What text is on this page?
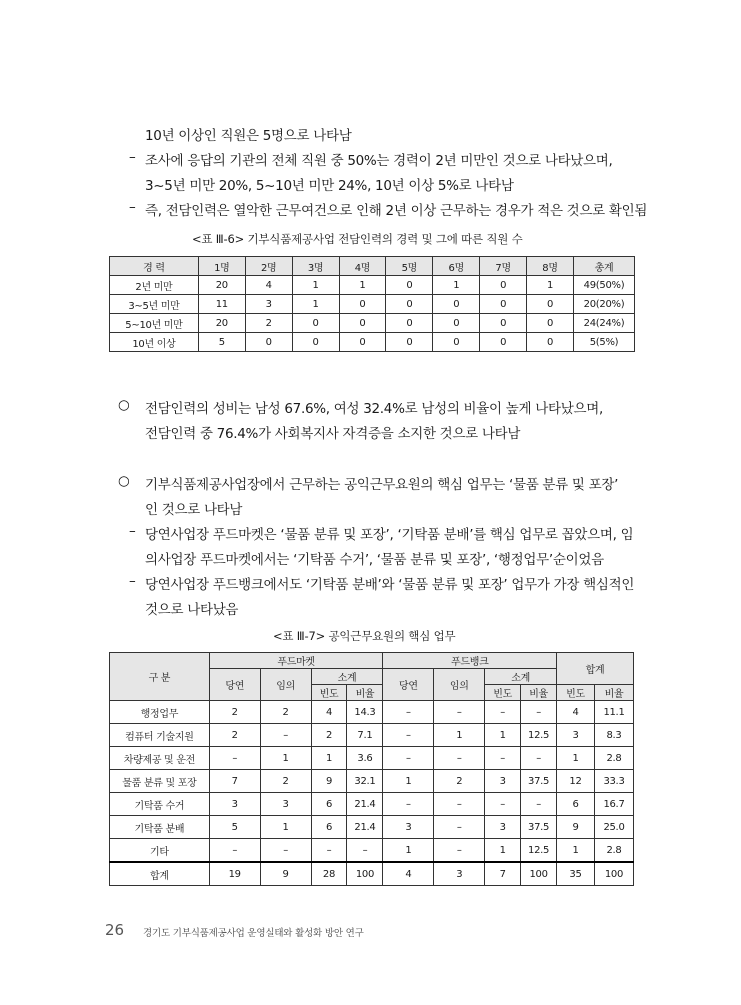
10년 이상인 직원은 5명으로 나타남
– 조사에 응답의 기관의 전체 직원 중 50%는 경력이 2년 미만인 것으로 나타났으며,
3~5년 미만 20%, 5~10년 미만 24%, 10년 이상 5%로 나타남
– 즉, 전담인력은 열악한 근무여건으로 인해 2년 이상 근무하는 경우가 적은 것으로 확인됨
<표 Ⅲ-6> 기부식품제공사업 전담인력의 경력 및 그에 따른 직원 수
경 력	1명	2명	3명	4명	5명	6명	7명	8명	총계
2년 미만	20	4	1	1	0	1	0	1	49(50%)
3~5년 미만	11	3	1	0	0	0	0	0	20(20%)
5~10년 미만	20	2	0	0	0	0	0	0	24(24%)
10년 이상	5	0	0	0	0	0	0	0	5(5%)
○ 전담인력의 성비는 남성 67.6%, 여성 32.4%로 남성의 비율이 높게 나타났으며,
전담인력 중 76.4%가 사회복지사 자격증을 소지한 것으로 나타남
○ 기부식품제공사업장에서 근무하는 공익근무요원의 핵심 업무는 ‘물품 분류 및 포장’
인 것으로 나타남
– 당연사업장 푸드마켓은 ‘물품 분류 및 포장’, ‘기탁품 분배’를 핵심 업무로 꼽았으며, 임
의사업장 푸드마켓에서는 ‘기탁품 수거’, ‘물품 분류 및 포장’, ‘행정업무’순이었음
– 당연사업장 푸드뱅크에서도 ‘기탁품 분배’와 ‘물품 분류 및 포장’ 업무가 가장 핵심적인
것으로 나타났음
<표 Ⅲ-7> 공익근무요원의 핵심 업무
구 분	푸드마켓				푸드뱅크				합계	
	당연	임의	소계		당연	임의	소계			
			빈도	비율			빈도	비율	빈도	비율
행정업무	2	2	4	14.3	–	–	–	–	4	11.1
컴퓨터 기술지원	2	–	2	7.1	–	1	1	12.5	3	8.3
차량제공 및 운전	–	1	1	3.6	–	–	–	–	1	2.8
물품 분류 및 포장	7	2	9	32.1	1	2	3	37.5	12	33.3
기탁품 수거	3	3	6	21.4	–	–	–	–	6	16.7
기탁품 분배	5	1	6	21.4	3	–	3	37.5	9	25.0
기타	–	–	–	–	1	–	1	12.5	1	2.8
합계	19	9	28	100	4	3	7	100	35	100
26 경기도 기부식품제공사업 운영실태와 활성화 방안 연구
